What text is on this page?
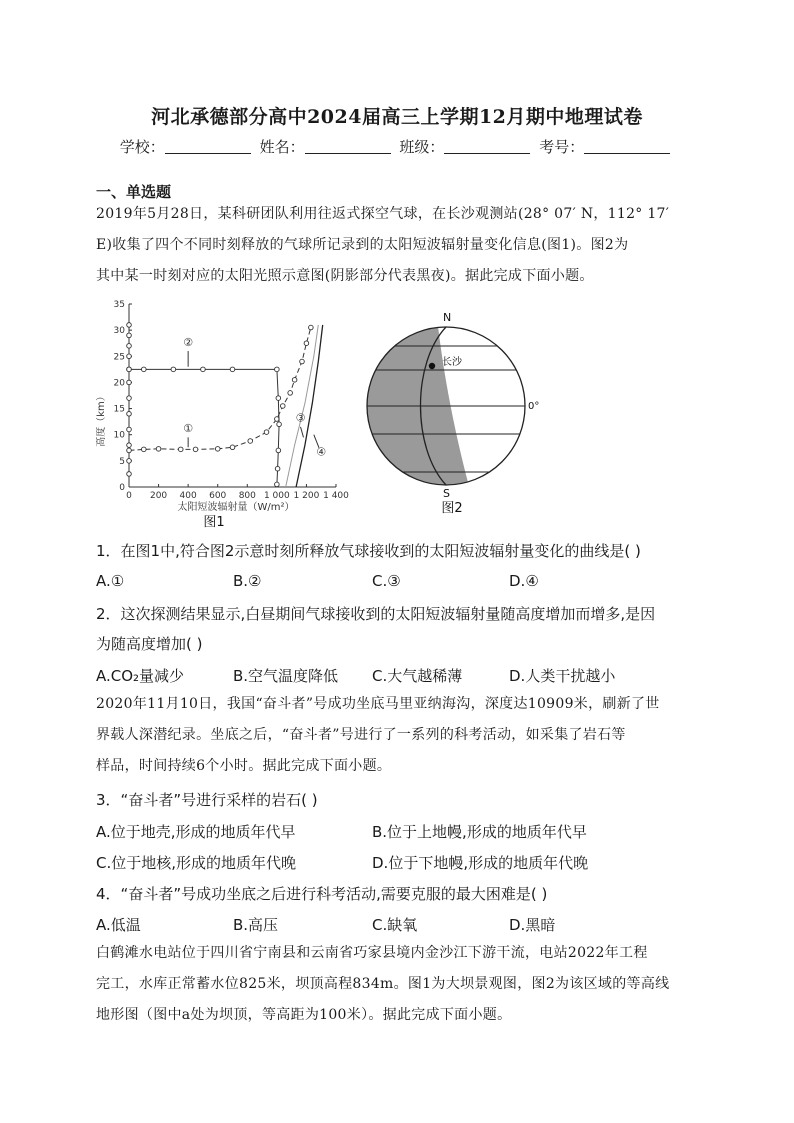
河北承德部分高中2024届高三上学期12月期中地理试卷
学校：	姓名：	班级：	考号：
一、单选题
2019年5月28日，某科研团队利用往返式探空气球，在长沙观测站(28° 07′ N，112° 17′
E)收集了四个不同时刻释放的气球所记录到的太阳短波辐射量变化信息(图1)。图2为
其中某一时刻对应的太阳光照示意图(阴影部分代表黑夜)。据此完成下面小题。
0 200 400 600 800 1 000 1 200 1 400
0
5
10
15
20
25
30
35
①
②
③
④
高度（km）
太阳短波辐射量（W/m²）
图1
长沙
N
S
0°
图2
1．在图1中,符合图2示意时刻所释放气球接收到的太阳短波辐射量变化的曲线是( )
A.①	B.②	C.③	D.④
2．这次探测结果显示,白昼期间气球接收到的太阳短波辐射量随高度增加而增多,是因
为随高度增加( )
A.CO₂量减少	B.空气温度降低 C.大气越稀薄	D.人类干扰越小
2020年11月10日，我国“奋斗者”号成功坐底马里亚纳海沟，深度达10909米，刷新了世
界载人深潜纪录。坐底之后，“奋斗者”号进行了一系列的科考活动，如采集了岩石等
样品，时间持续6个小时。据此完成下面小题。
3．“奋斗者”号进行采样的岩石( )
A.位于地壳,形成的地质年代早	B.位于上地幔,形成的地质年代早
C.位于地核,形成的地质年代晚	D.位于下地幔,形成的地质年代晚
4．“奋斗者”号成功坐底之后进行科考活动,需要克服的最大困难是( )
A.低温	B.高压	C.缺氧	D.黑暗
白鹤滩水电站位于四川省宁南县和云南省巧家县境内金沙江下游干流，电站2022年工程
完工，水库正常蓄水位825米，坝顶高程834m。图1为大坝景观图，图2为该区域的等高线
地形图（图中a处为坝顶，等高距为100米）。据此完成下面小题。
